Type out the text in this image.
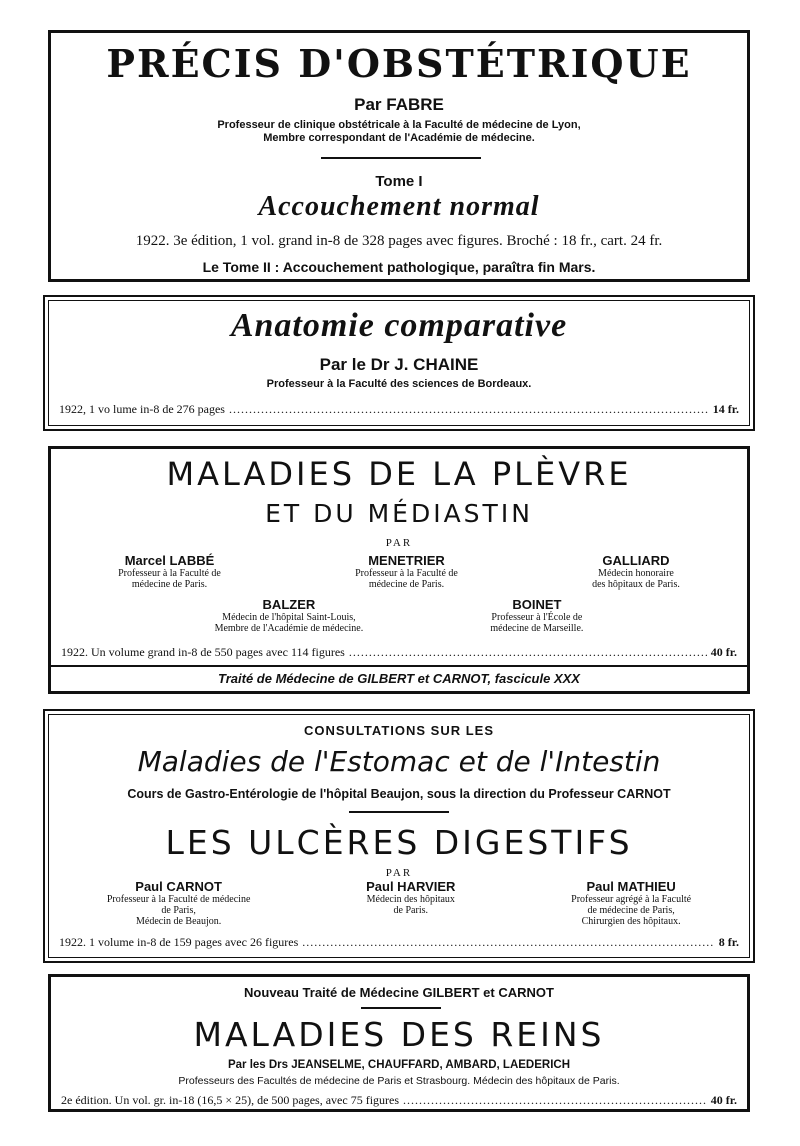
PRÉCIS D'OBSTÉTRIQUE
Par FABRE
Professeur de clinique obstétricale à la Faculté de médecine de Lyon,
Membre correspondant de l'Académie de médecine.
Tome I
Accouchement normal
1922. 3e édition, 1 vol. grand in-8 de 328 pages avec figures. Broché : 18 fr., cart. 24 fr.
Le Tome II : Accouchement pathologique, paraîtra fin Mars.
Anatomie comparative
Par le Dr J. CHAINE
Professeur à la Faculté des sciences de Bordeaux.
1922, 1 vo lume in-8 de 276 pages .....	14 fr.
MALADIES DE LA PLÈVRE
ET DU MÉDIASTIN
PAR
Marcel LABBÉ
Professeur à la Faculté de
médecine de Paris.
MENETRIER
Professeur à la Faculté de
médecine de Paris.
GALLIARD
Médecin honoraire
des hôpitaux de Paris.
BALZER
Médecin de l'hôpital Saint-Louis,
Membre de l'Académie de médecine.
BOINET
Professeur à l'École de
médecine de Marseille.
1922. Un volume grand in-8 de 550 pages avec 114 figures .....	40 fr.
Traité de Médecine de GILBERT et CARNOT, fascicule XXX
CONSULTATIONS SUR LES
Maladies de l'Estomac et de l'Intestin
Cours de Gastro-Entérologie de l'hôpital Beaujon, sous la direction du Professeur CARNOT
LES ULCÈRES DIGESTIFS
PAR
Paul CARNOT
Professeur à la Faculté de médecine
de Paris,
Médecin de Beaujon.
Paul HARVIER
Médecin des hôpitaux
de Paris.
Paul MATHIEU
Professeur agrégé à la Faculté
de médecine de Paris,
Chirurgien des hôpitaux.
1922. 1 volume in-8 de 159 pages avec 26 figures .....	8 fr.
Nouveau Traité de Médecine GILBERT et CARNOT
MALADIES DES REINS
Par les Drs JEANSELME, CHAUFFARD, AMBARD, LAEDERICH
Professeurs des Facultés de médecine de Paris et Strasbourg. Médecin des hôpitaux de Paris.
2e édition. Un vol. gr. in-18 (16,5 × 25), de 500 pages, avec 75 figures .....	40 fr.
